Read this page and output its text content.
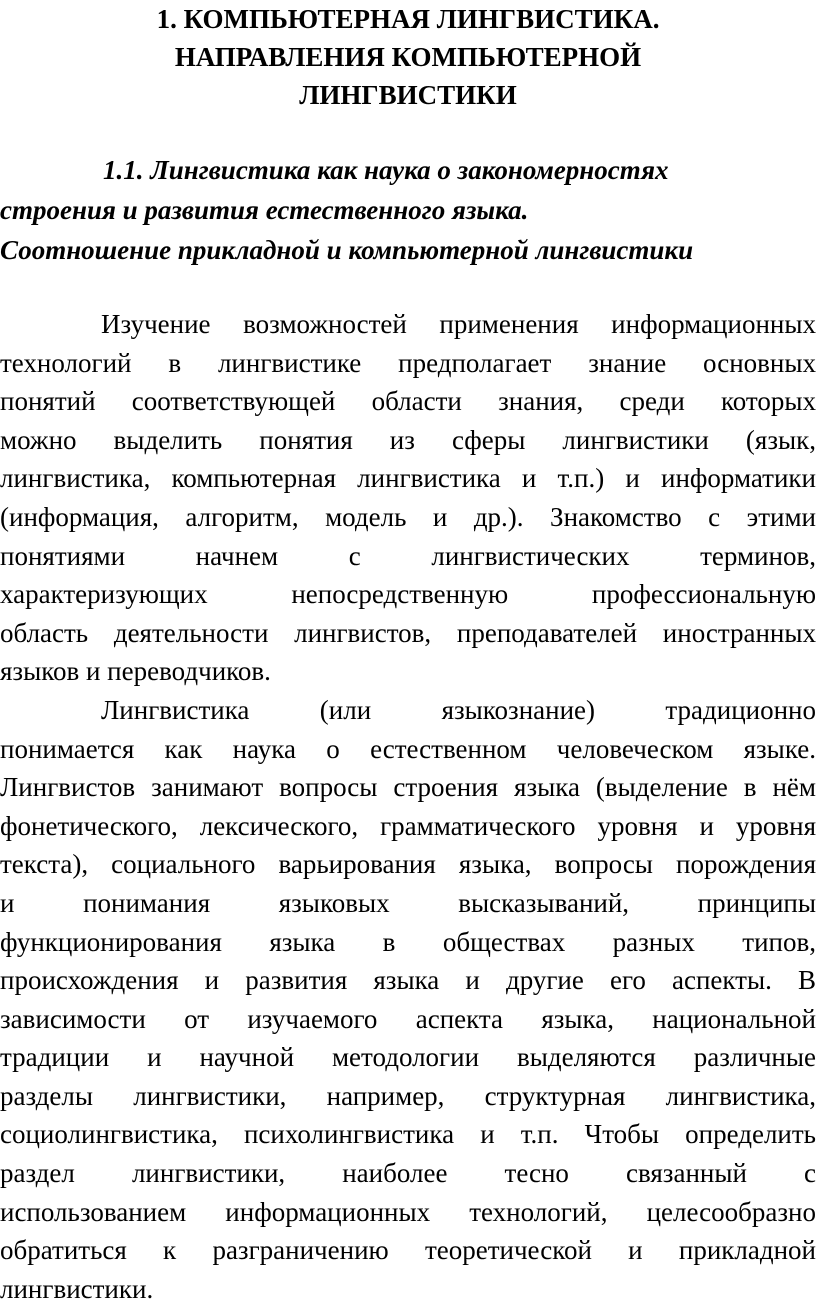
1. КОМПЬЮТЕРНАЯ ЛИНГВИСТИКА.
НАПРАВЛЕНИЯ КОМПЬЮТЕРНОЙ
ЛИНГВИСТИКИ
1.1. Лингвистика как наука о закономерностях
строения и развития естественного языка.
Соотношение прикладной и компьютерной лингвистики
Изучение возможностей применения информационных
технологий в лингвистике предполагает знание основных
понятий соответствующей области знания, среди которых
можно выделить понятия из сферы лингвистики (язык,
лингвистика, компьютерная лингвистика и т.п.) и информатики
(информация, алгоритм, модель и др.). Знакомство с этими
понятиями начнем с лингвистических терминов,
характеризующих непосредственную профессиональную
область деятельности лингвистов, преподавателей иностранных
языков и переводчиков.
Лингвистика (или языкознание) традиционно
понимается как наука о естественном человеческом языке.
Лингвистов занимают вопросы строения языка (выделение в нём
фонетического, лексического, грамматического уровня и уровня
текста), социального варьирования языка, вопросы порождения
и понимания языковых высказываний, принципы
функционирования языка в обществах разных типов,
происхождения и развития языка и другие его аспекты. В
зависимости от изучаемого аспекта языка, национальной
традиции и научной методологии выделяются различные
разделы лингвистики, например, структурная лингвистика,
социолингвистика, психолингвистика и т.п. Чтобы определить
раздел лингвистики, наиболее тесно связанный с
использованием информационных технологий, целесообразно
обратиться к разграничению теоретической и прикладной
лингвистики.
